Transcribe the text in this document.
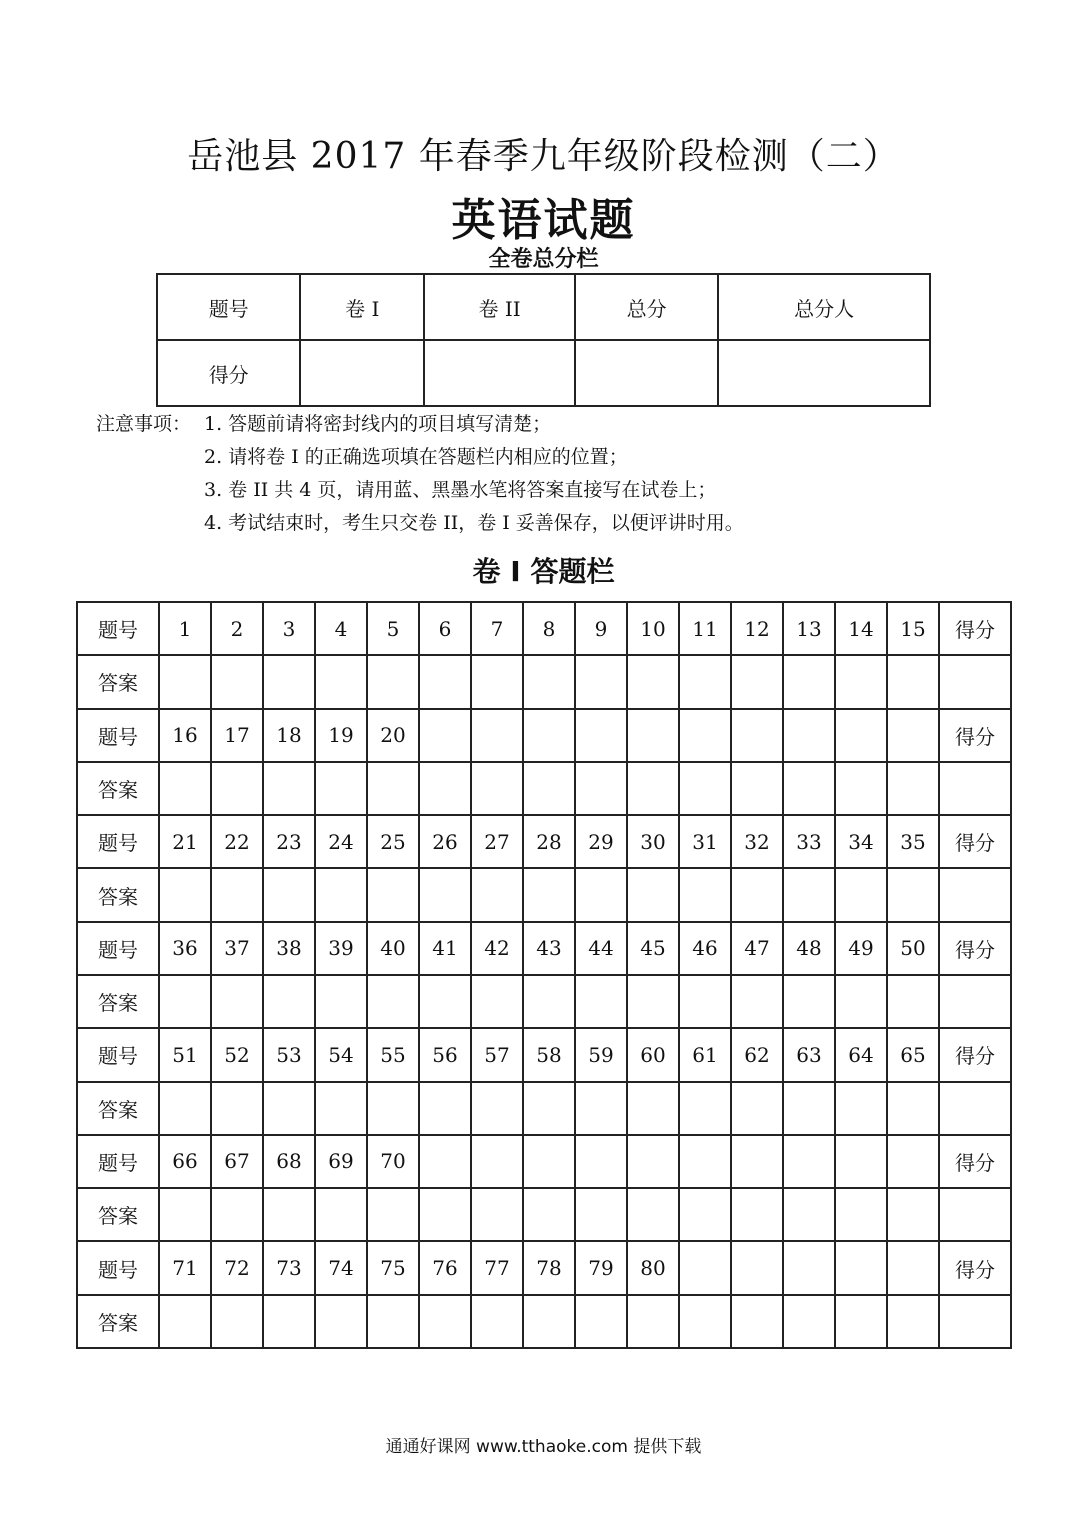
岳池县 2017 年春季九年级阶段检测（二）
英语试题
全卷总分栏
题号	卷 I	卷 II	总分	总分人
得分				
注意事项： 1. 答题前请将密封线内的项目填写清楚；
2. 请将卷 I 的正确选项填在答题栏内相应的位置；
3. 卷 II 共 4 页，请用蓝、黑墨水笔将答案直接写在试卷上；
4. 考试结束时，考生只交卷 II，卷 I 妥善保存，以便评讲时用。
卷 I 答题栏
题号	1	2	3	4	5	6	7	8	9	10	11	12	13	14	15	得分
答案																
题号	16	17	18	19	20											得分
答案																
题号	21	22	23	24	25	26	27	28	29	30	31	32	33	34	35	得分
答案																
题号	36	37	38	39	40	41	42	43	44	45	46	47	48	49	50	得分
答案																
题号	51	52	53	54	55	56	57	58	59	60	61	62	63	64	65	得分
答案																
题号	66	67	68	69	70											得分
答案																
题号	71	72	73	74	75	76	77	78	79	80						得分
答案																
通通好课网 www.tthaoke.com 提供下载
